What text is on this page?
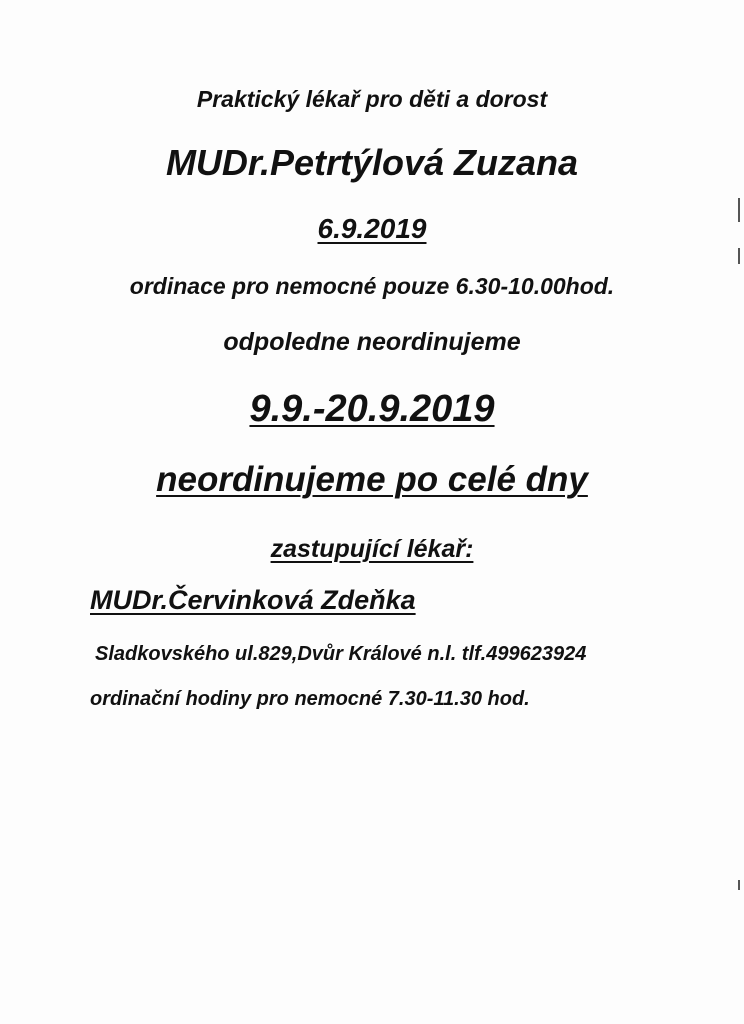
Praktický lékař pro děti a dorost
MUDr.Petrtýlová Zuzana
6.9.2019
ordinace pro nemocné pouze 6.30-10.00hod.
odpoledne neordinujeme
9.9.-20.9.2019
neordinujeme po celé dny
zastupující lékař:
MUDr.Červinková Zdeňka
Sladkovského ul.829,Dvůr Králové n.l. tlf.499623924
ordinační hodiny pro nemocné 7.30-11.30 hod.
